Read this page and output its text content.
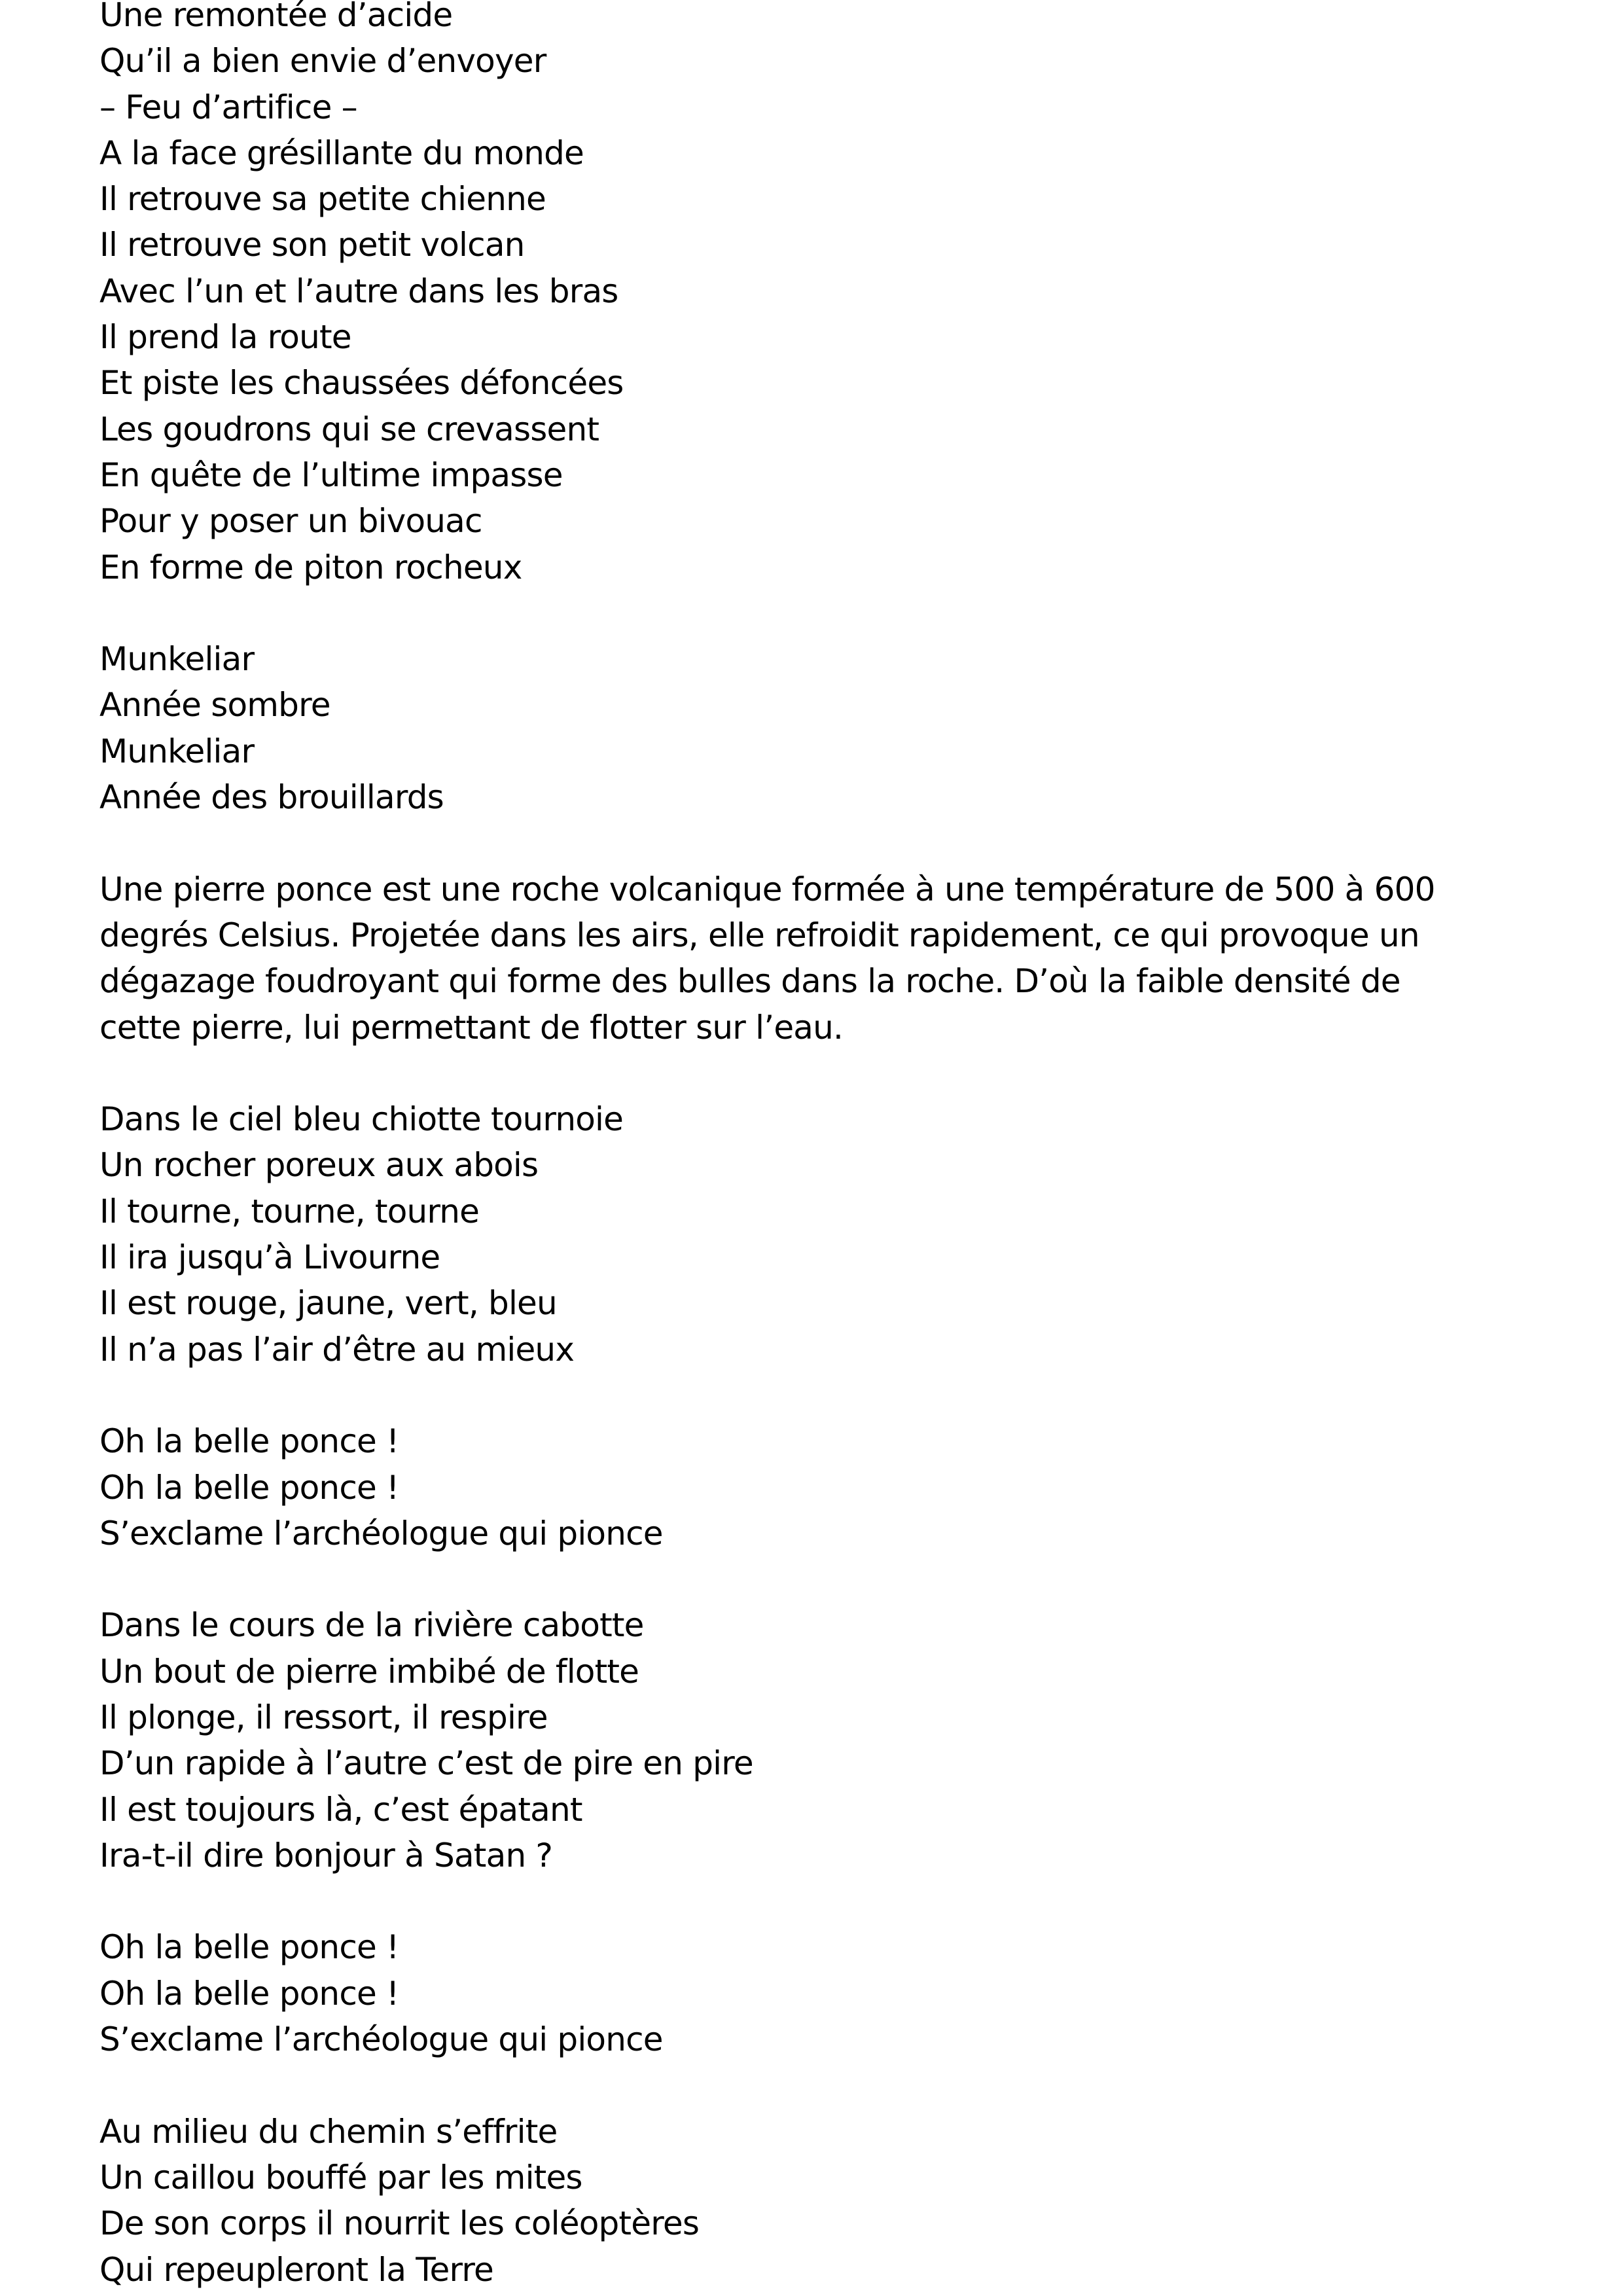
Une remontée d’acide
Qu’il a bien envie d’envoyer
– Feu d’artifice –
A la face grésillante du monde
Il retrouve sa petite chienne
Il retrouve son petit volcan
Avec l’un et l’autre dans les bras
Il prend la route
Et piste les chaussées défoncées
Les goudrons qui se crevassent
En quête de l’ultime impasse
Pour y poser un bivouac
En forme de piton rocheux
Munkeliar
Année sombre
Munkeliar
Année des brouillards
Une pierre ponce est une roche volcanique formée à une température de 500 à 600
degrés Celsius. Projetée dans les airs, elle refroidit rapidement, ce qui provoque un
dégazage foudroyant qui forme des bulles dans la roche. D’où la faible densité de
cette pierre, lui permettant de flotter sur l’eau.
Dans le ciel bleu chiotte tournoie
Un rocher poreux aux abois
Il tourne, tourne, tourne
Il ira jusqu’à Livourne
Il est rouge, jaune, vert, bleu
Il n’a pas l’air d’être au mieux
Oh la belle ponce !
Oh la belle ponce !
S’exclame l’archéologue qui pionce
Dans le cours de la rivière cabotte
Un bout de pierre imbibé de flotte
Il plonge, il ressort, il respire
D’un rapide à l’autre c’est de pire en pire
Il est toujours là, c’est épatant
Ira-t-il dire bonjour à Satan ?
Oh la belle ponce !
Oh la belle ponce !
S’exclame l’archéologue qui pionce
Au milieu du chemin s’effrite
Un caillou bouffé par les mites
De son corps il nourrit les coléoptères
Qui repeupleront la Terre
